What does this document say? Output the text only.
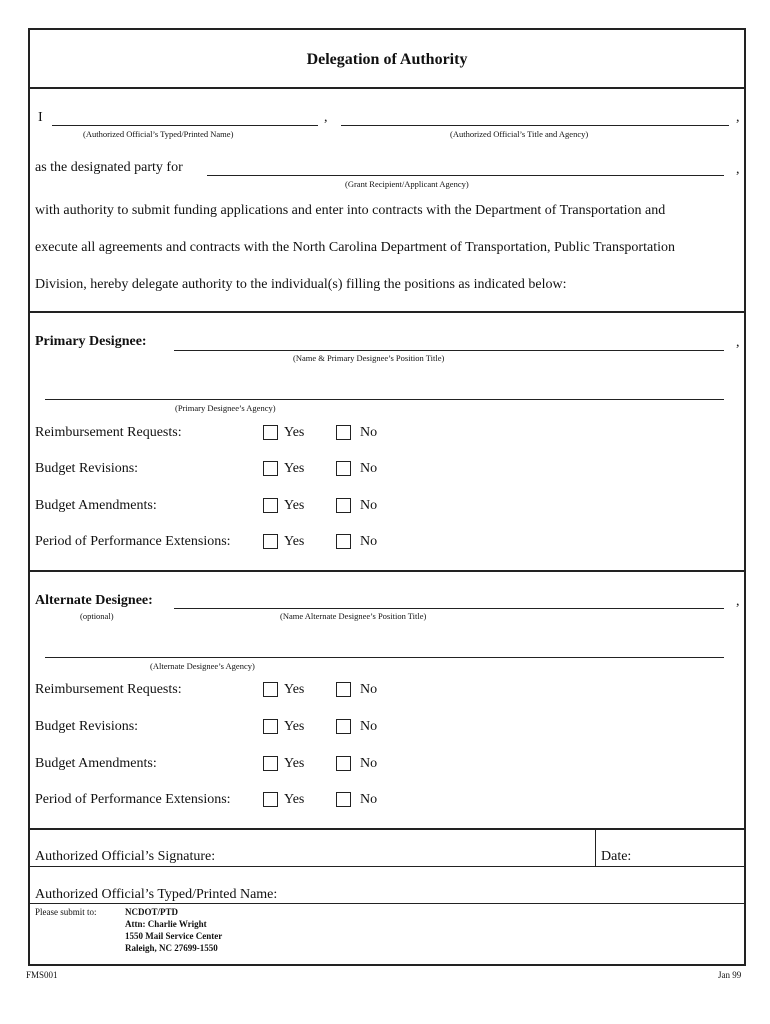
Delegation of Authority
I	,	,
(Authorized Official’s Typed/Printed Name)	(Authorized Official’s Title and Agency)
as the designated party for	,
(Grant Recipient/Applicant Agency)
with authority to submit funding applications and enter into contracts with the Department of Transportation and
execute all agreements and contracts with the North Carolina Department of Transportation, Public Transportation
Division, hereby delegate authority to the individual(s) filling the positions as indicated below:
Primary Designee:	,
(Name & Primary Designee’s Position Title)
(Primary Designee’s Agency)
Reimbursement Requests:	Yes	No
Budget Revisions:	Yes	No
Budget Amendments:	Yes	No
Period of Performance Extensions:	Yes	No
Alternate Designee:
(optional)
,
(Name Alternate Designee’s Position Title)
(Alternate Designee’s Agency)
Reimbursement Requests:	Yes	No
Budget Revisions:	Yes	No
Budget Amendments:	Yes	No
Period of Performance Extensions:	Yes	No
Authorized Official’s Signature:	Date:
Authorized Official’s Typed/Printed Name:
Please submit to:	NCDOT/PTD
Attn: Charlie Wright
1550 Mail Service Center
Raleigh, NC 27699-1550
FMS001	Jan 99
